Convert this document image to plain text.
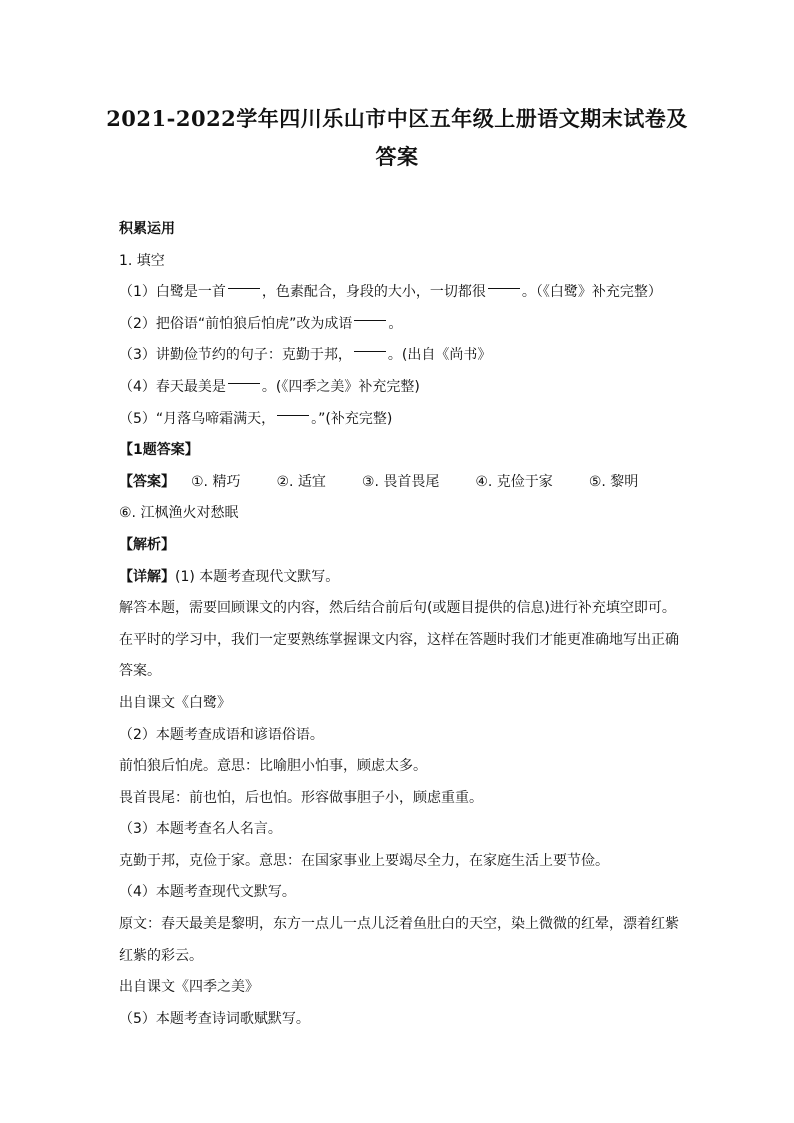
2021-2022学年四川乐山市中区五年级上册语文期末试卷及
答案
积累运用
1. 填空
（1）白鹭是一首	，色素配合，身段的大小，一切都很	。（《白鹭》补充完整）
（2）把俗语“前怕狼后怕虎”改为成语	。
（3）讲勤俭节约的句子：克勤于邦，	。(出自《尚书》
（4）春天最美是	。(《四季之美》补充完整)
（5）“月落乌啼霜满天，	。”(补充完整)
【1题答案】
【答案】	①. 精巧	②. 适宜	③. 畏首畏尾	④. 克俭于家	⑤. 黎明
⑥. 江枫渔火对愁眠
【解析】
【详解】(1) 本题考查现代文默写。
解答本题，需要回顾课文的内容，然后结合前后句(或题目提供的信息)进行补充填空即可。
在平时的学习中，我们一定要熟练掌握课文内容，这样在答题时我们才能更准确地写出正确
答案。
出自课文《白鹭》
（2）本题考查成语和谚语俗语。
前怕狼后怕虎。意思：比喻胆小怕事，顾虑太多。
畏首畏尾：前也怕，后也怕。形容做事胆子小，顾虑重重。
（3）本题考查名人名言。
克勤于邦，克俭于家。意思：在国家事业上要竭尽全力，在家庭生活上要节俭。
（4）本题考查现代文默写。
原文：春天最美是黎明，东方一点儿一点儿泛着鱼肚白的天空，染上微微的红晕，漂着红紫
红紫的彩云。
出自课文《四季之美》
（5）本题考查诗词歌赋默写。
